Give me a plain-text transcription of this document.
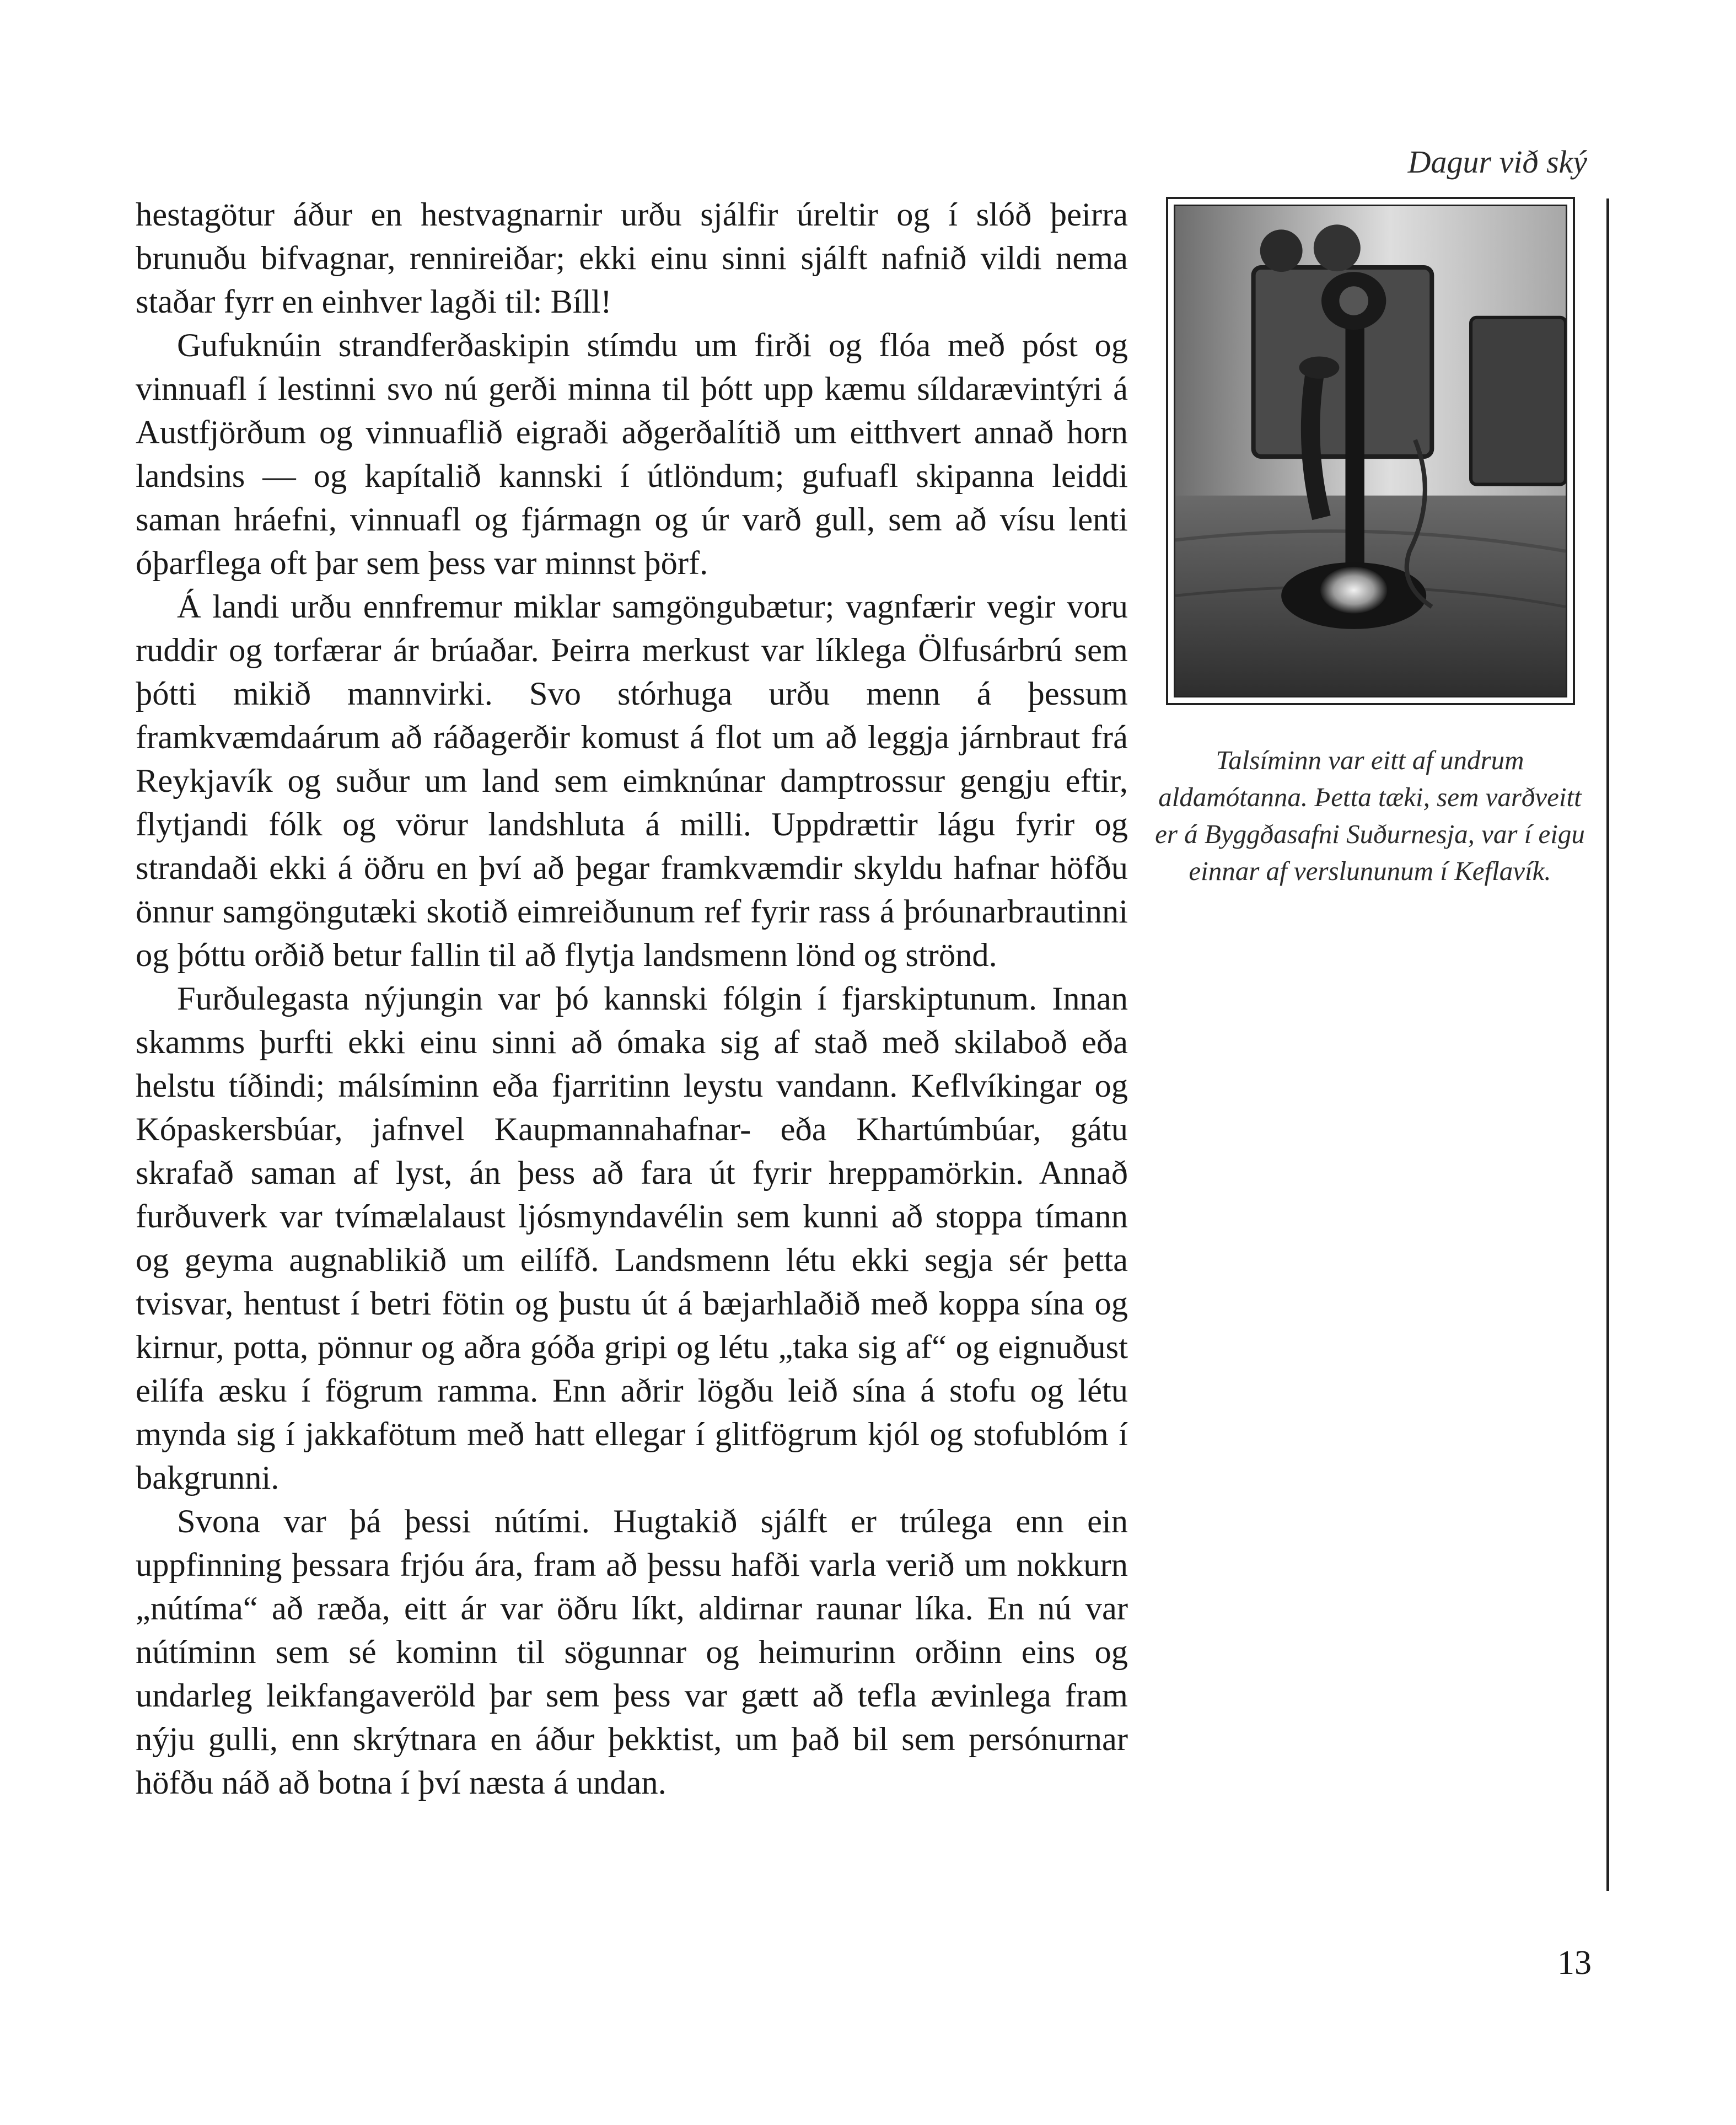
Dagur við ský

hestagötur áður en hestvagnarnir urðu sjálfir úreltir og í slóð þeirra brunuðu bifvagnar, rennireiðar; ekki einu sinni sjálft nafnið vildi nema staðar fyrr en einhver lagði til: Bíll!

Gufuknúin strandferðaskipin stímdu um firði og flóa með póst og vinnuafl í lestinni svo nú gerði minna til þótt upp kæmu síldarævintýri á Austfjörðum og vinnuaflið eigraði aðgerðalítið um eitthvert annað horn landsins — og kapítalið kannski í útlöndum; gufuafl skipanna leiddi saman hráefni, vinnuafl og fjármagn og úr varð gull, sem að vísu lenti óþarflega oft þar sem þess var minnst þörf.

Á landi urðu ennfremur miklar samgöngubætur; vagnfærir vegir voru ruddir og torfærar ár brúaðar. Þeirra merkust var líklega Ölfusárbrú sem þótti mikið mannvirki. Svo stórhuga urðu menn á þessum framkvæmdaárum að ráðagerðir komust á flot um að leggja járnbraut frá Reykjavík og suður um land sem eimknúnar damptrossur gengju eftir, flytjandi fólk og vörur landshluta á milli. Uppdrættir lágu fyrir og strandaði ekki á öðru en því að þegar framkvæmdir skyldu hafnar höfðu önnur samgöngutæki skotið eimreiðunum ref fyrir rass á þróunarbrautinni og þóttu orðið betur fallin til að flytja landsmenn lönd og strönd.

Furðulegasta nýjungin var þó kannski fólgin í fjarskiptunum. Innan skamms þurfti ekki einu sinni að ómaka sig af stað með skilaboð eða helstu tíðindi; málsíminn eða fjarritinn leystu vandann. Keflvíkingar og Kópaskersbúar, jafnvel Kaupmannahafnar- eða Khartúmbúar, gátu skrafað saman af lyst, án þess að fara út fyrir hreppamörkin. Annað furðuverk var tvímælalaust ljósmyndavélin sem kunni að stoppa tímann og geyma augnablikið um eilífð. Landsmenn létu ekki segja sér þetta tvisvar, hentust í betri fötin og þustu út á bæjarhlaðið með koppa sína og kirnur, potta, pönnur og aðra góða gripi og létu „taka sig af“ og eignuðust eilífa æsku í fögrum ramma. Enn aðrir lögðu leið sína á stofu og létu mynda sig í jakkafötum með hatt ellegar í glitfögrum kjól og stofublóm í bakgrunni.

Svona var þá þessi nútími. Hugtakið sjálft er trúlega enn ein uppfinning þessara frjóu ára, fram að þessu hafði varla verið um nokkurn „nútíma“ að ræða, eitt ár var öðru líkt, aldirnar raunar líka. En nú var nútíminn sem sé kominn til sögunnar og heimurinn orðinn eins og undarleg leikfangaveröld þar sem þess var gætt að tefla ævinlega fram nýju gulli, enn skrýtnara en áður þekktist, um það bil sem persónurnar höfðu náð að botna í því næsta á undan.

Talsíminn var eitt af undrum aldamótanna. Þetta tæki, sem varðveitt er á Byggðasafni Suðurnesja, var í eigu einnar af verslununum í Keflavík.
13
